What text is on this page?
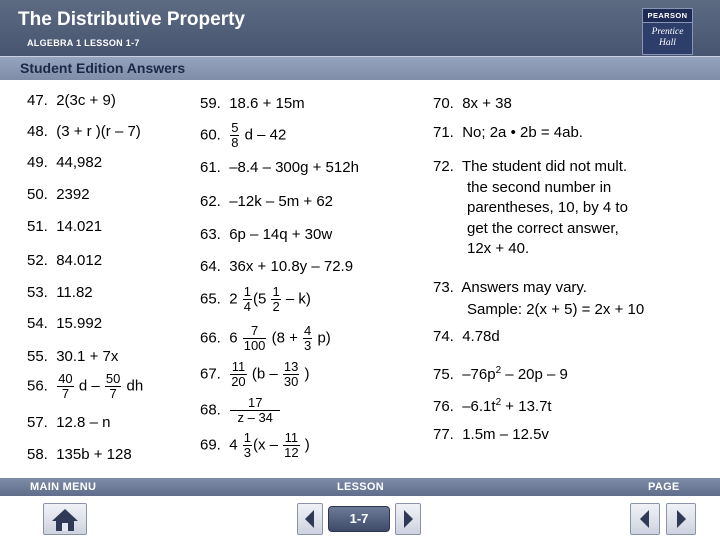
The Distributive Property
ALGEBRA 1 LESSON 1-7
PEARSON
Prentice
Hall
Student Edition Answers
47. 2(3c + 9)
48. (3 + r )(r – 7)
49. 44,982
50. 2392
51. 14.021
52. 84.012
53. 11.82
54. 15.992
55. 30.1 + 7x
56. $\frac{40}{7}$ d – $\frac{50}{7}$ dh
57. 12.8 – n
58. 135b + 128
59. 18.6 + 15m
60. $\frac{5}{8}$ d – 42
61. –8.4 – 300g + 512h
62. –12k – 5m + 62
63. 6p – 14q + 30w
64. 36x + 10.8y – 72.9
65. $2 \frac{1}{4} (5 \frac{1}{2} - k)$
66. $6 \frac{7}{100} (8 + \frac{4}{3} p)$
67. $\frac{11}{20} (b - \frac{13}{30}$ )
68. $\frac{17}{z - 34}$
69. $4 \frac{1}{3} (x - \frac{11}{12}$ )
70. 8x + 38
71. No; 2a • 2b = 4ab.
72. The student did not mult.
the second number in
parentheses, 10, by 4 to
get the correct answer,
12x + 40.
73. Answers may vary.
Sample: 2(x + 5) = 2x + 10
74. 4.78d
75. $-76p^2 - 20p - 9$
76. $-6.1t^2 + 13.7t$
77. 1.5m – 12.5v
MAIN MENU	LESSON	PAGE
1-7
